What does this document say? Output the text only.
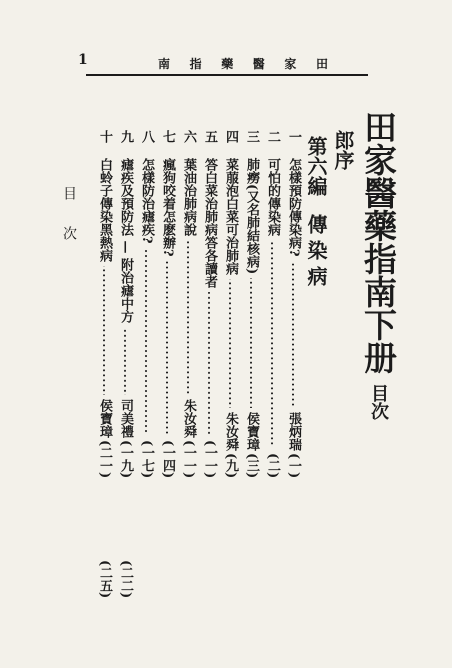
1	南 指 藥 醫 家 田
田家醫藥指南下册目次
郎序
第六編傳染病
一
怎樣預防傳染病?
張炳瑞
(一)
二
可怕的傳染病
(二)
三
肺癆(又名肺結核病)
侯寶璋
(三)
四
菜菔泡白菜可治肺病
朱汝舜
(九)
五
答白菜治肺病答各讀者
(一一)
六
葉油治肺病說
朱汝舜
(一一)
七
瘋狗咬着怎麽辦?
(一四)
八
怎樣防治瘧疾?
(一七)
九
瘧疾及預防法 — 附治瘧中方
司美禮
(一九)
十
白蛉子傳染黑熱病
侯寶璋
(二一)
(二二)
(二五)
目
次
